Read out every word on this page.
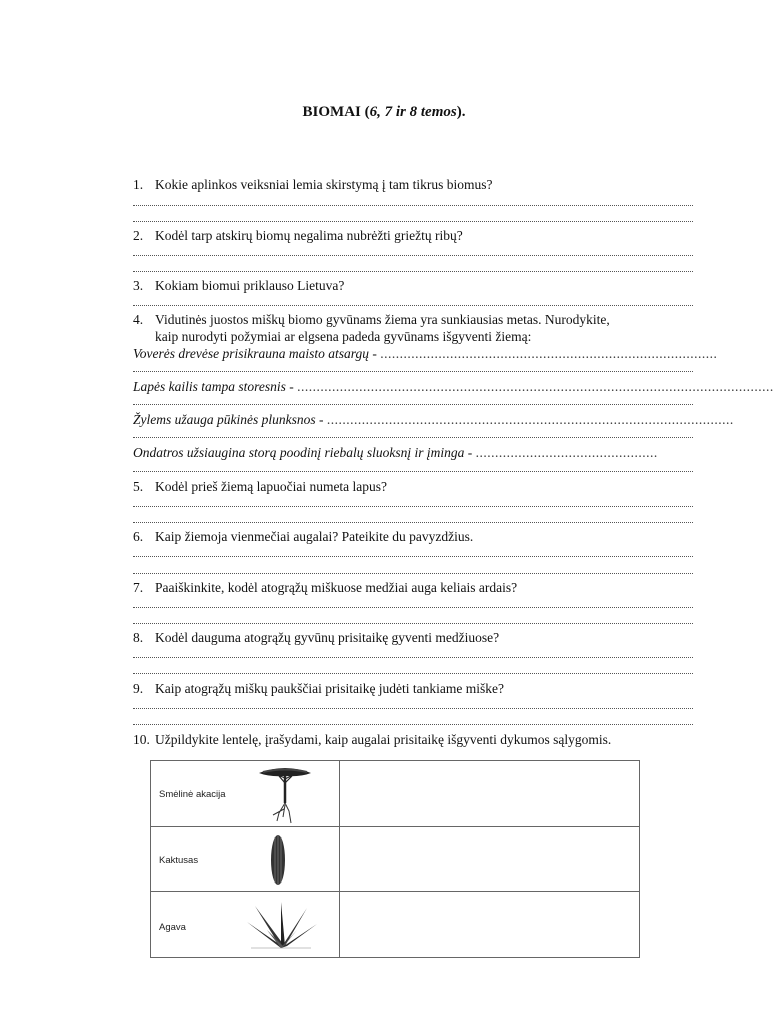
BIOMAI (6, 7 ir 8 temos).
1. Kokie aplinkos veiksniai lemia skirstymą į tam tikrus biomus?
2. Kodėl tarp atskirų biomų negalima nubrėžti griežtų ribų?
3. Kokiam biomui priklauso Lietuva?
4. Vidutinės juostos miškų biomo gyvūnams žiema yra sunkiausias metas. Nurodykite,
kaip nurodyti požymiai ar elgsena padeda gyvūnams išgyventi žiemą:
Voverės drevėse prisikrauna maisto atsargų - .......................................................................................
Lapės kailis tampa storesnis - ...........................................................................................................................
Žylems užauga pūkinės plunksnos - .........................................................................................................
Ondatros užsiaugina storą poodinį riebalų sluoksnį ir įminga - ...............................................
5. Kodėl prieš žiemą lapuočiai numeta lapus?
6. Kaip žiemoja vienmečiai augalai? Pateikite du pavyzdžius.
7. Paaiškinkite, kodėl atogrąžų miškuose medžiai auga keliais ardais?
8. Kodėl dauguma atogrąžų gyvūnų prisitaikę gyventi medžiuose?
9. Kaip atogrąžų miškų paukščiai prisitaikę judėti tankiame miške?
10. Užpildykite lentelę, įrašydami, kaip augalai prisitaikę išgyventi dykumos sąlygomis.
Smėlinė akacija	

Kaktusas	

Agava	
